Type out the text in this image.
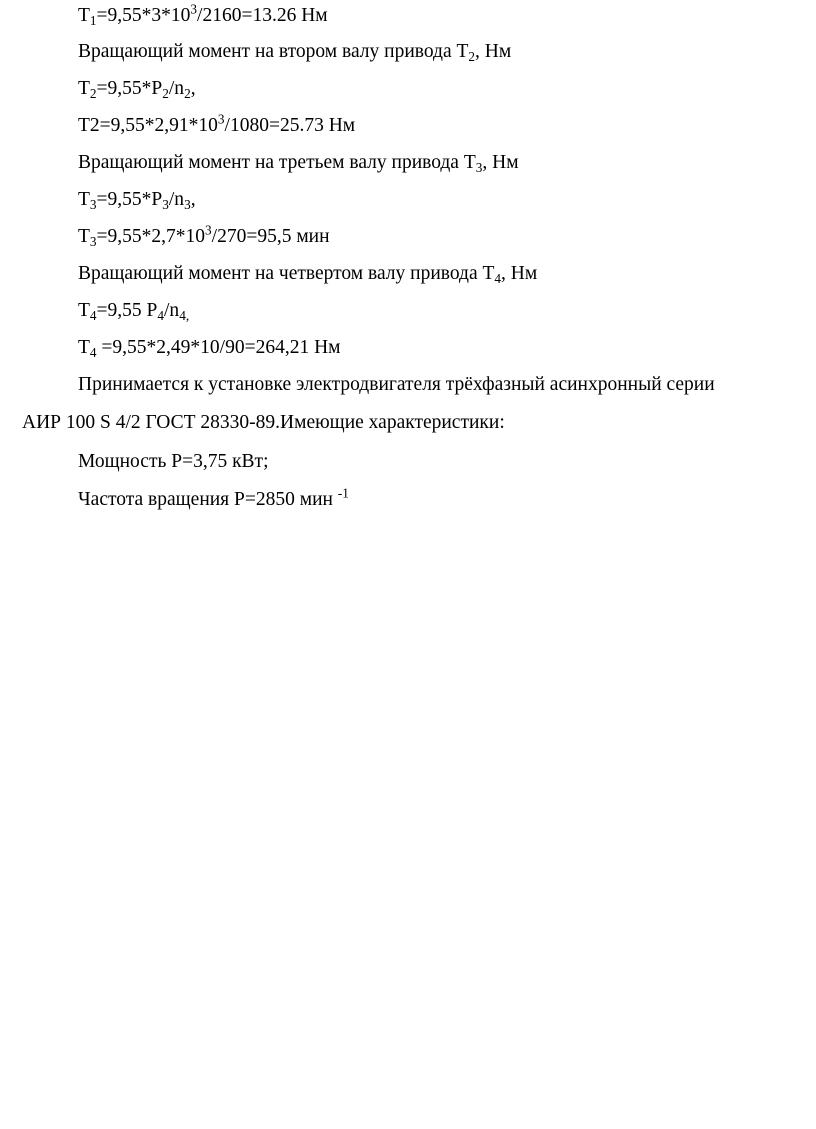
$T_1=9,55*3*10^3/2160=13.26$ Нм
Вращающий момент на втором валу привода $T_2$, Нм
$T_2=9,55*P_2/n_2$,
$T2=9,55*2,91*10^3/1080=25.73$ Нм
Вращающий момент на третьем валу привода $T_3$, Нм
$T_3=9,55*P_3/n_3$,
$T_3=9,55*2,7*10^3/270=95,5$ мин
Вращающий момент на четвертом валу привода $T_4$, Нм
$T_4=9,55$ $P_4/n_{4,}$
$T_4 =9,55*2,49*10/90=264,21$ Нм
Принимается к установке электродвигателя трёхфазный асинхронный серии
АИР 100 S 4/2 ГОСТ 28330-89.Имеющие характеристики:
Мощность P=3,75 кВт;
Частота вращения P=2850 мин $^{-1}$
